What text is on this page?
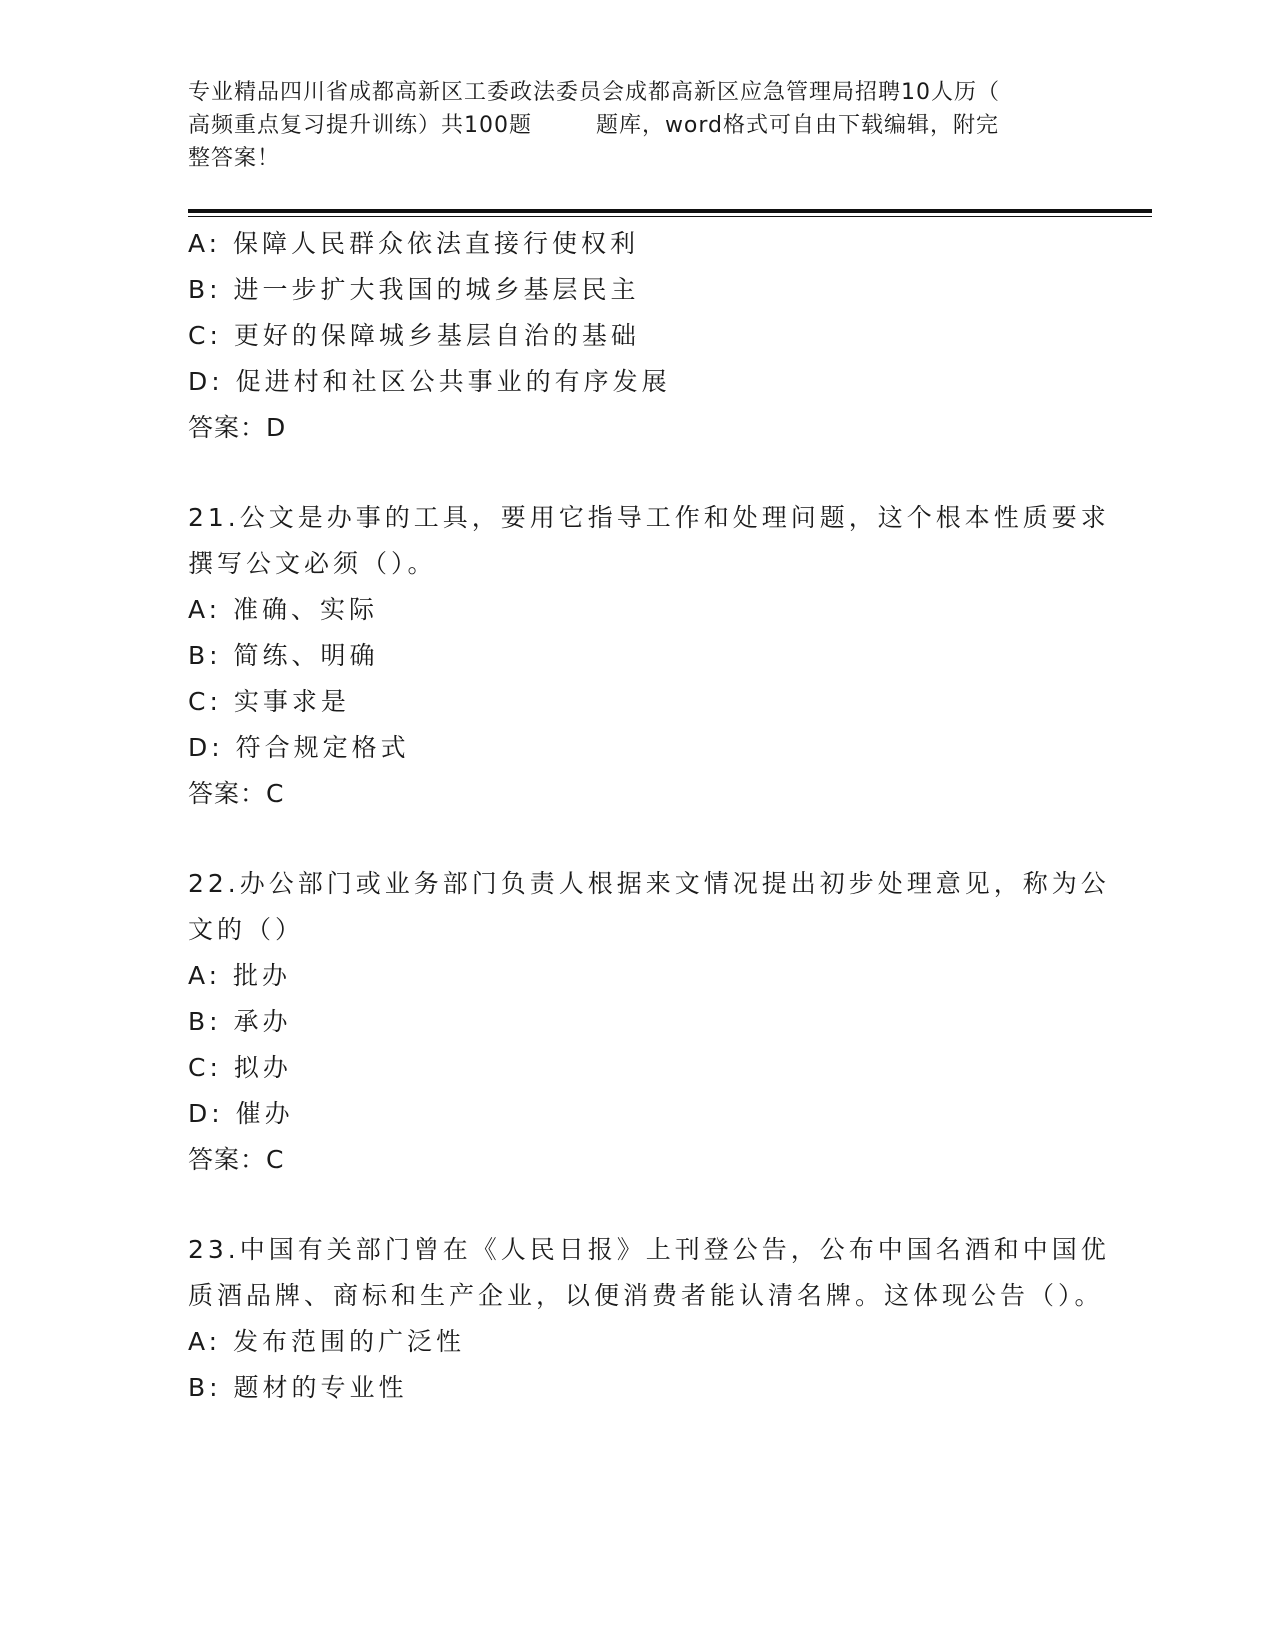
专业精品四川省成都高新区工委政法委员会成都高新区应急管理局招聘10人历（
高频重点复习提升训练）共100题        题库，word格式可自由下载编辑，附完
整答案！
A: 保障人民群众依法直接行使权利
B: 进一步扩大我国的城乡基层民主
C: 更好的保障城乡基层自治的基础
D: 促进村和社区公共事业的有序发展
答案：D
21.公文是办事的工具，要用它指导工作和处理问题，这个根本性质要求撰写公文必须（）。
A: 准确、实际
B: 简练、明确
C: 实事求是
D: 符合规定格式
答案：C
22.办公部门或业务部门负责人根据来文情况提出初步处理意见，称为公文的（）
A: 批办
B: 承办
C: 拟办
D: 催办
答案：C
23.中国有关部门曾在《人民日报》上刊登公告，公布中国名酒和中国优质酒品牌、商标和生产企业，以便消费者能认清名牌。这体现公告（）。
A: 发布范围的广泛性
B: 题材的专业性
